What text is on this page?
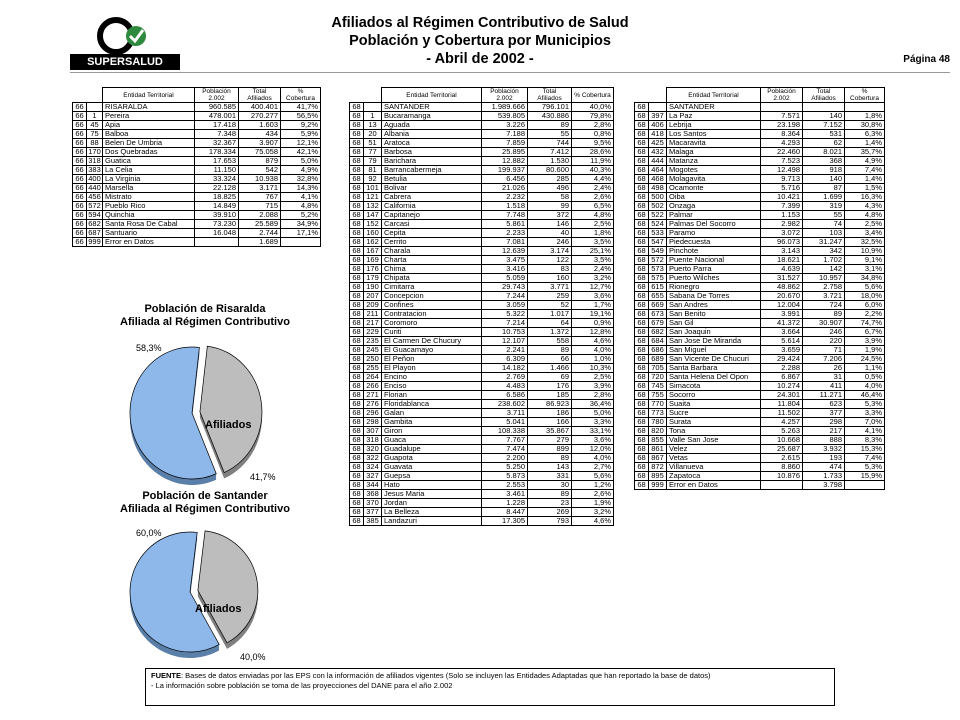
SUPERSALUD
Afiliados al Régimen Contributivo de Salud
Población y Cobertura por Municipios
- Abril de 2002 -	Página 48
		Entidad Territorial	Población 2.002	Total Afiliados	% Cobertura
66		RISARALDA	960.585	400.401	41,7%
66	1	Pereira	478.001	270.277	56,5%
66	45	Apia	17.418	1.603	9,2%
66	75	Balboa	7.348	434	5,9%
66	88	Belen De Umbria	32.367	3.907	12,1%
66	170	Dos Quebradas	178.334	75.058	42,1%
66	318	Guatica	17.653	879	5,0%
66	383	La Celia	11.150	542	4,9%
66	400	La Virginia	33.324	10.938	32,8%
66	440	Marsella	22.128	3.171	14,3%
66	456	Mistrato	18.825	767	4,1%
66	572	Pueblo Rico	14.849	715	4,8%
66	594	Quinchia	39.910	2.088	5,2%
66	682	Santa Rosa De Cabal	73.230	25.589	34,9%
66	687	Santuario	16.048	2.744	17,1%
66	999	Error en Datos		1.689	
		Entidad Territorial	Población 2.002	Total Afiliados	% Cobertura
68		SANTANDER	1.989.666	796.101	40,0%
68	1	Bucaramanga	539.805	430.886	79,8%
68	13	Aguada	3.226	89	2,8%
68	20	Albania	7.188	55	0,8%
68	51	Aratoca	7.859	744	9,5%
68	77	Barbosa	25.895	7.412	28,6%
68	79	Barichara	12.882	1.530	11,9%
68	81	Barrancabermeja	199.937	80.600	40,3%
68	92	Betulia	6.456	285	4,4%
68	101	Bolivar	21.026	496	2,4%
68	121	Cabrera	2.232	58	2,6%
68	132	California	1.518	99	6,5%
68	147	Capitanejo	7.748	372	4,8%
68	152	Carcasi	5.861	146	2,5%
68	160	Cepita	2.233	40	1,8%
68	162	Cerrito	7.081	246	3,5%
68	167	Charala	12.639	3.174	25,1%
68	169	Charta	3.475	122	3,5%
68	176	Chima	3.416	83	2,4%
68	179	Chipata	5.059	160	3,2%
68	190	Cimitarra	29.743	3.771	12,7%
68	207	Concepcion	7.244	259	3,6%
68	209	Confines	3.059	52	1,7%
68	211	Contratacion	5.322	1.017	19,1%
68	217	Coromoro	7.214	64	0,9%
68	229	Curiti	10.753	1.372	12,8%
68	235	El Carmen De Chucury	12.107	558	4,6%
68	245	El Guacamayo	2.241	89	4,0%
68	250	El Peñon	6.309	66	1,0%
68	255	El Playon	14.182	1.466	10,3%
68	264	Encino	2.769	69	2,5%
68	266	Enciso	4.483	176	3,9%
68	271	Florian	6.586	185	2,8%
68	276	Floridablanca	238.602	86.923	36,4%
68	296	Galan	3.711	186	5,0%
68	298	Gambita	5.041	166	3,3%
68	307	Giron	108.338	35.867	33,1%
68	318	Guaca	7.767	279	3,6%
68	320	Guadalupe	7.474	899	12,0%
68	322	Guapota	2.200	89	4,0%
68	324	Guavata	5.250	143	2,7%
68	327	Guepsa	5.873	331	5,6%
68	344	Hato	2.553	30	1,2%
68	368	Jesus Maria	3.461	89	2,6%
68	370	Jordan	1.228	23	1,9%
68	377	La Belleza	8.447	269	3,2%
68	385	Landazuri	17.305	793	4,6%
		Entidad Territorial	Población 2.002	Total Afiliados	% Cobertura
68		SANTANDER			
68	397	La Paz	7.571	140	1,8%
68	406	Lebrija	23.198	7.152	30,8%
68	418	Los Santos	8.364	531	6,3%
68	425	Macaravita	4.293	62	1,4%
68	432	Malaga	22.460	8.021	35,7%
68	444	Matanza	7.523	368	4,9%
68	464	Mogotes	12.498	918	7,4%
68	468	Molagavita	9.713	140	1,4%
68	498	Ocamonte	5.716	87	1,5%
68	500	Oiba	10.421	1.699	16,3%
68	502	Onzaga	7.399	319	4,3%
68	522	Palmar	1.153	55	4,8%
68	524	Palmas Del Socorro	2.982	74	2,5%
68	533	Paramo	3.072	103	3,4%
68	547	Piedecuesta	96.073	31.247	32,5%
68	549	Pinchote	3.143	342	10,9%
68	572	Puente Nacional	18.621	1.702	9,1%
68	573	Puerto Parra	4.639	142	3,1%
68	575	Puerto Wilches	31.527	10.957	34,8%
68	615	Rionegro	48.862	2.758	5,6%
68	655	Sabana De Torres	20.670	3.721	18,0%
68	669	San Andres	12.004	724	6,0%
68	673	San Benito	3.991	89	2,2%
68	679	San Gil	41.372	30.907	74,7%
68	682	San Joaquin	3.664	246	6,7%
68	684	San Jose De Miranda	5.614	220	3,9%
68	686	San Miguel	3.659	71	1,9%
68	689	San Vicente De Chucuri	29.424	7.206	24,5%
68	705	Santa Barbara	2.288	26	1,1%
68	720	Santa Helena Del Opon	6.867	31	0,5%
68	745	Simacota	10.274	411	4,0%
68	755	Socorro	24.301	11.271	46,4%
68	770	Suaita	11.804	623	5,3%
68	773	Sucre	11.502	377	3,3%
68	780	Surata	4.257	298	7,0%
68	820	Tona	5.263	217	4,1%
68	855	Valle San Jose	10.668	888	8,3%
68	861	Velez	25.687	3.932	15,3%
68	867	Vetas	2.615	193	7,4%
68	872	Villanueva	8.860	474	5,3%
68	895	Zapatoca	10.876	1.733	15,9%
68	999	Error en Datos		3.798	
Población de Risaralda
Afiliada al Régimen Contributivo
Población de Santander
Afiliada al Régimen Contributivo
58,3%
41,7%
Afiliados
60,0%
40,0%
Afiliados
FUENTE: Bases de datos enviadas por las EPS con la información de afiliados vigentes (Solo se incluyen las Entidades Adaptadas que han reportado la base de datos)
- La información sobre población se toma de las proyecciones del DANE para el año 2.002
